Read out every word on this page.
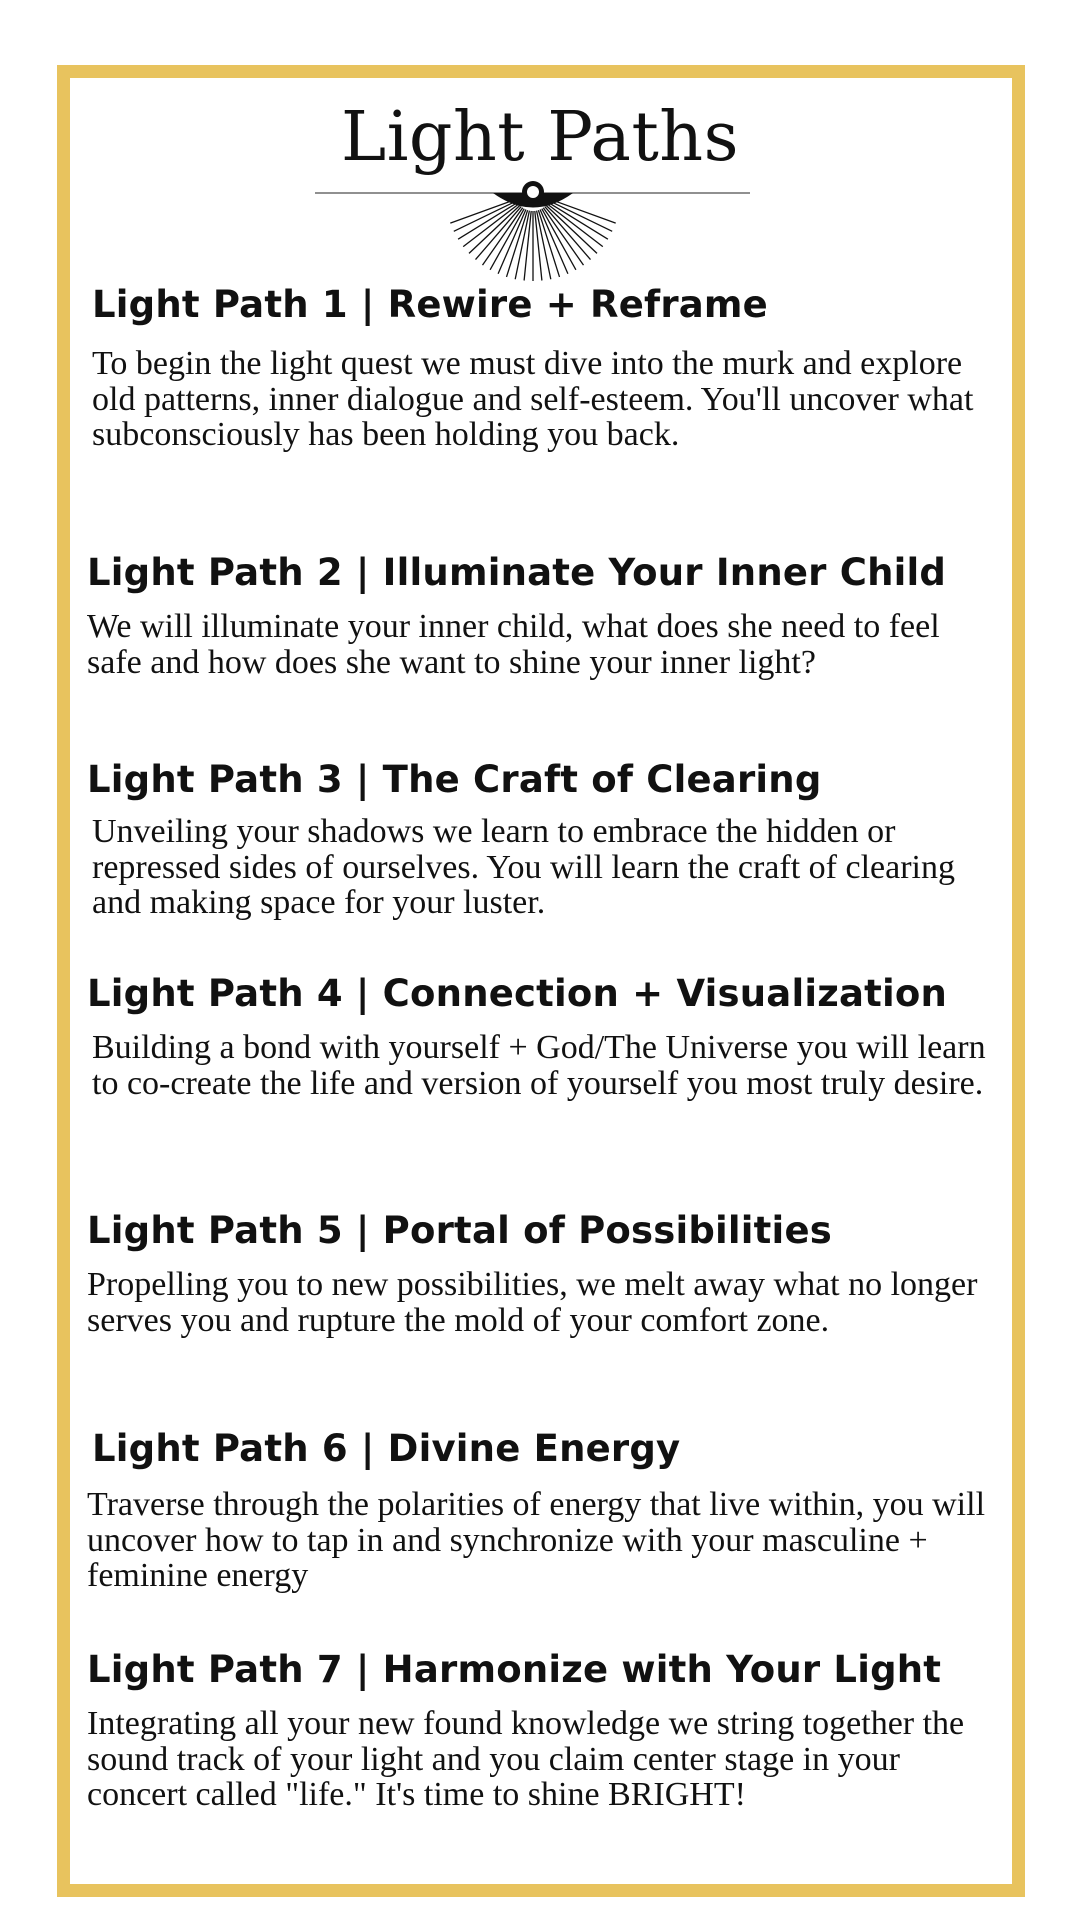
Light Paths
Light Path 1 | Rewire + Reframe
To begin the light quest we must dive into the murk and explore old patterns, inner dialogue and self-esteem. You'll uncover what subconsciously has been holding you back.
Light Path 2 | Illuminate Your Inner Child
We will illuminate your inner child, what does she need to feel safe and how does she want to shine your inner light?
Light Path 3 | The Craft of Clearing
Unveiling your shadows we learn to embrace the hidden or repressed sides of ourselves. You will learn the craft of clearing and making space for your luster.
Light Path 4 | Connection + Visualization
Building a bond with yourself + God/The Universe you will learn to co-create the life and version of yourself you most truly desire.
Light Path 5 | Portal of Possibilities
Propelling you to new possibilities, we melt away what no longer serves you and rupture the mold of your comfort zone.
Light Path 6 | Divine Energy
Traverse through the polarities of energy that live within, you will uncover how to tap in and synchronize with your masculine + feminine energy
Light Path 7 | Harmonize with Your Light
Integrating all your new found knowledge we string together the sound track of your light and you claim center stage in your concert called "life." It's time to shine BRIGHT!
